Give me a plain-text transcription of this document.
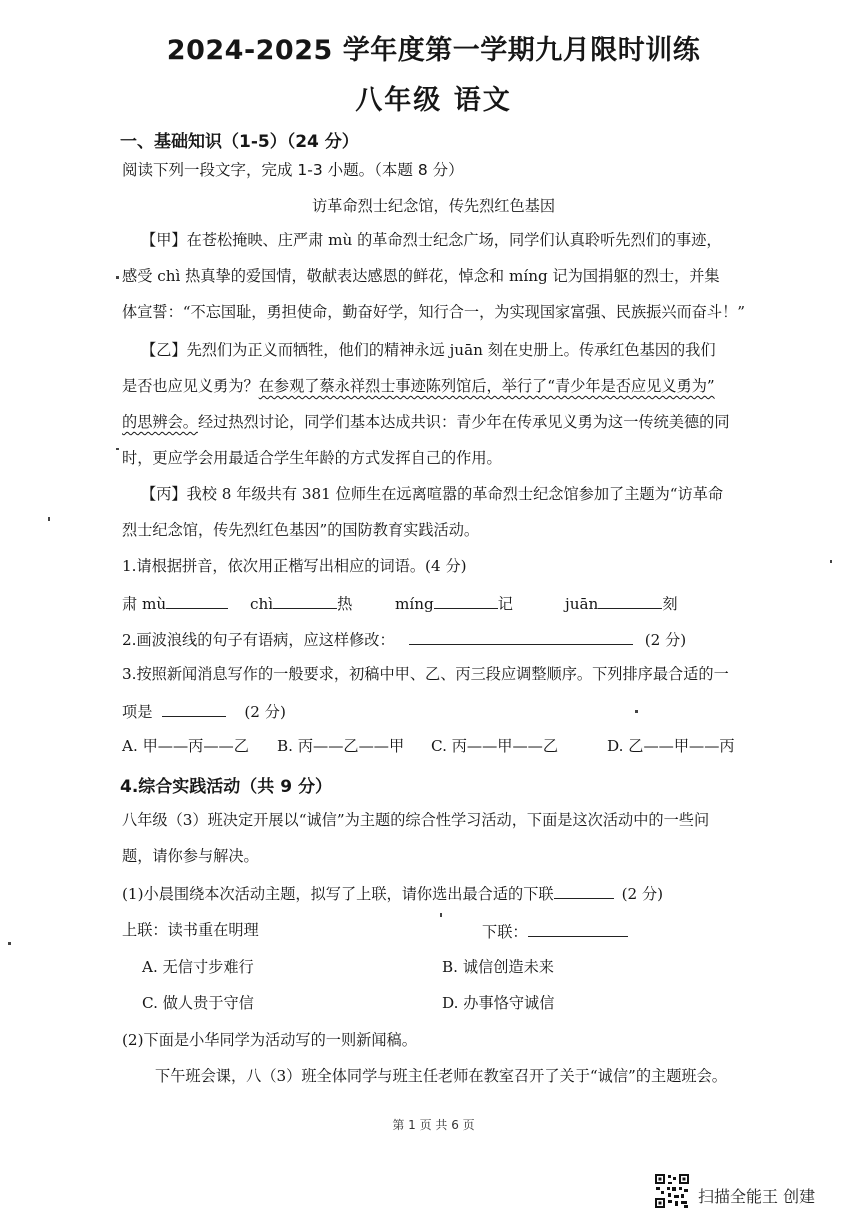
2024-2025 学年度第一学期九月限时训练
八年级 语文
一、基础知识（1-5）（24 分）
阅读下列一段文字，完成 1-3 小题。（本题 8 分）
访革命烈士纪念馆，传先烈红色基因
【甲】在苍松掩映、庄严肃 mù 的革命烈士纪念广场，同学们认真聆听先烈们的事迹，
感受 chì 热真挚的爱国情，敬献表达感恩的鲜花，悼念和 míng 记为国捐躯的烈士，并集
体宣誓：“不忘国耻，勇担使命，勤奋好学，知行合一，为实现国家富强、民族振兴而奋斗！”
【乙】先烈们为正义而牺牲，他们的精神永远 juān 刻在史册上。传承红色基因的我们
是否也应见义勇为？在参观了蔡永祥烈士事迹陈列馆后，举行了“青少年是否应见义勇为”
的思辨会。经过热烈讨论，同学们基本达成共识：青少年在传承见义勇为这一传统美德的同
时，更应学会用最适合学生年龄的方式发挥自己的作用。
【丙】我校 8 年级共有 381 位师生在远离喧嚣的革命烈士纪念馆参加了主题为“访革命
烈士纪念馆，传先烈红色基因”的国防教育实践活动。
1.请根据拼音，依次用正楷写出相应的词语。(4 分)
肃 mù	chì	热	míng	记	juān	刻
2.画波浪线的句子有语病，应这样修改：	(2 分)
3.按照新闻消息写作的一般要求，初稿中甲、乙、丙三段应调整顺序。下列排序最合适的一
项是	(2 分)
A. 甲——丙——乙 B. 丙——乙——甲 C. 丙——甲——乙	D. 乙——甲——丙
4.综合实践活动（共 9 分）
八年级（3）班决定开展以“诚信”为主题的综合性学习活动，下面是这次活动中的一些问
题，请你参与解决。
(1)小晨围绕本次活动主题，拟写了上联，请你选出最合适的下联	(2 分)
上联：读书重在明理	下联：
A. 无信寸步难行	B. 诚信创造未来
C. 做人贵于守信	D. 办事恪守诚信
(2)下面是小华同学为活动写的一则新闻稿。
下午班会课，八（3）班全体同学与班主任老师在教室召开了关于“诚信”的主题班会。
第 1 页 共 6 页
扫描全能王 创建
